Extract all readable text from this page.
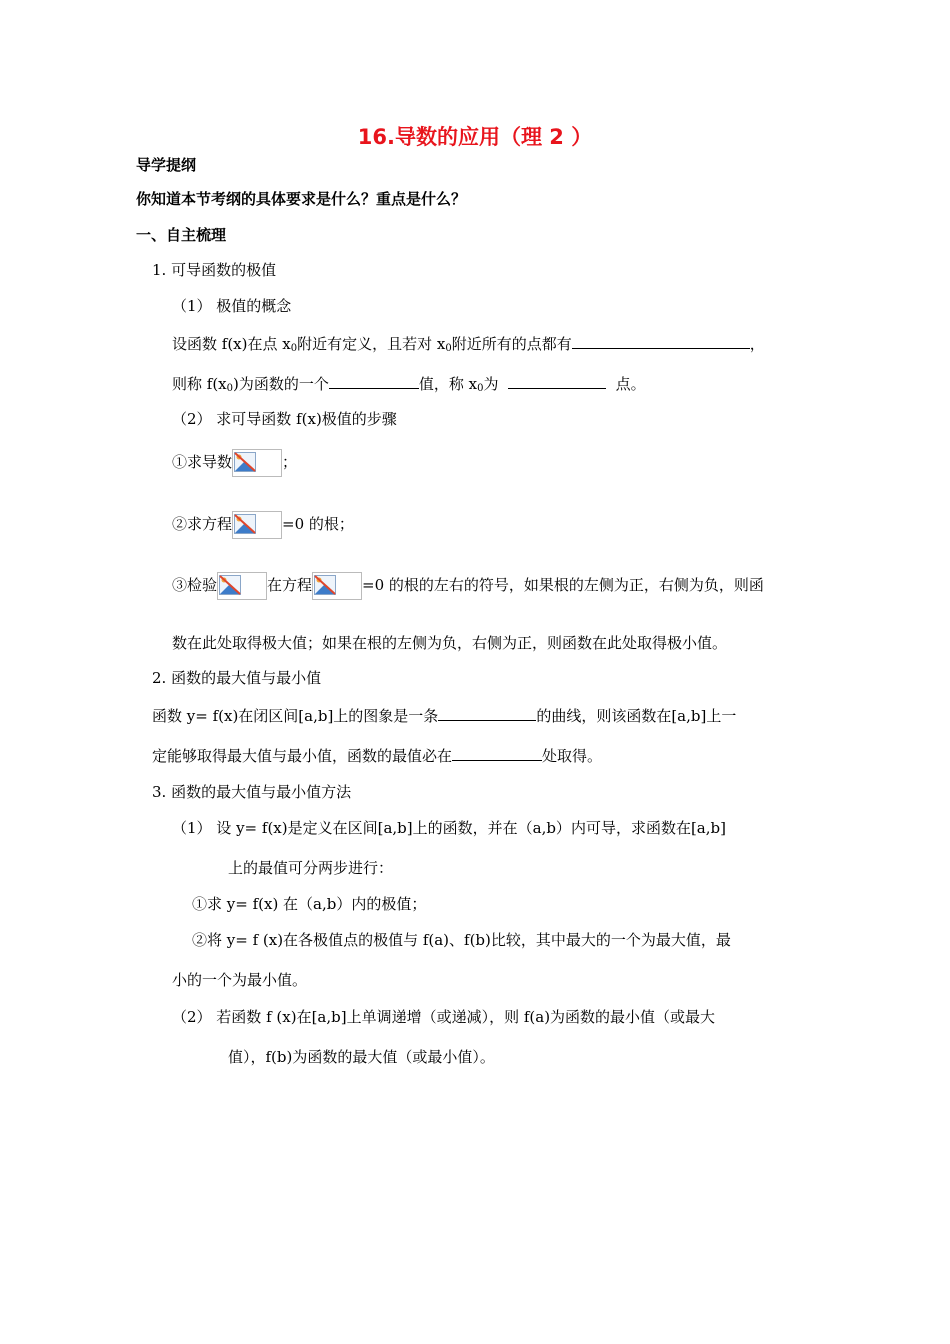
16.导数的应用（理 2 ）
导学提纲
你知道本节考纲的具体要求是什么？重点是什么？
一、自主梳理
1. 可导函数的极值
（1） 极值的概念
设函数 f(x)在点 $x_0$附近有定义，且若对 $x_0$附近所有的点都有	，
则称 $f(x_0)$为函数的一个	值，称 $x_0$为	点。
（2） 求可导函数 f(x)极值的步骤
①求导数	；
②求方程	=0 的根；
③检验	在方程	=0 的根的左右的符号，如果根的左侧为正，右侧为负，则函
数在此处取得极大值；如果在根的左侧为负，右侧为正，则函数在此处取得极小值。
2. 函数的最大值与最小值
函数 y= f(x)在闭区间[a,b]上的图象是一条	的曲线，则该函数在[a,b]上一
定能够取得最大值与最小值，函数的最值必在	处取得。
3. 函数的最大值与最小值方法
（1） 设 y= f(x)是定义在区间[a,b]上的函数，并在（a,b）内可导，求函数在[a,b]
上的最值可分两步进行：
①求 y= f(x) 在（a,b）内的极值；
②将 y= f (x)在各极值点的极值与 f(a)、f(b)比较，其中最大的一个为最大值，最
小的一个为最小值。
（2） 若函数 f (x)在[a,b]上单调递增（或递减），则 f(a)为函数的最小值（或最大
值），f(b)为函数的最大值（或最小值）。
